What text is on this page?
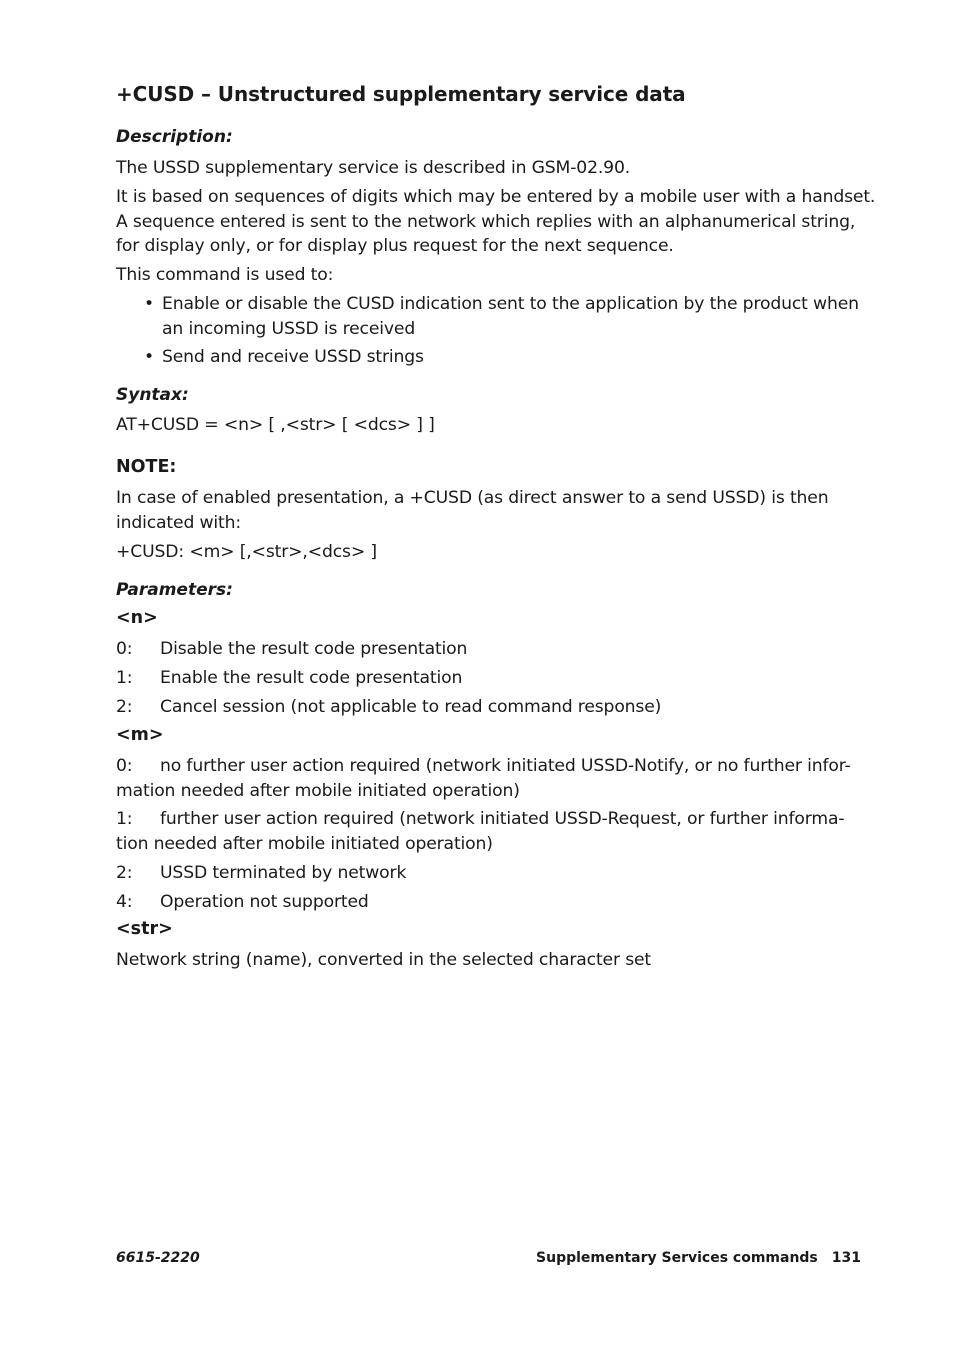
+CUSD – Unstructured supplementary service data
Description:
The USSD supplementary service is described in GSM-02.90.
It is based on sequences of digits which may be entered by a mobile user with a handset.
A sequence entered is sent to the network which replies with an alphanumerical string,
for display only, or for display plus request for the next sequence.
This command is used to:
• Enable or disable the CUSD indication sent to the application by the product when
an incoming USSD is received
• Send and receive USSD strings
Syntax:
AT+CUSD = <n> [ ,<str> [ <dcs> ] ]
NOTE:
In case of enabled presentation, a +CUSD (as direct answer to a send USSD) is then
indicated with:
+CUSD: <m> [,<str>,<dcs> ]
Parameters:
<n>
0: Disable the result code presentation
1: Enable the result code presentation
2: Cancel session (not applicable to read command response)
<m>
0: no further user action required (network initiated USSD-Notify, or no further infor-
mation needed after mobile initiated operation)
1: further user action required (network initiated USSD-Request, or further informa-
tion needed after mobile initiated operation)
2: USSD terminated by network
4: Operation not supported
<str>
Network string (name), converted in the selected character set
6615-2220	Supplementary Services commands 131
